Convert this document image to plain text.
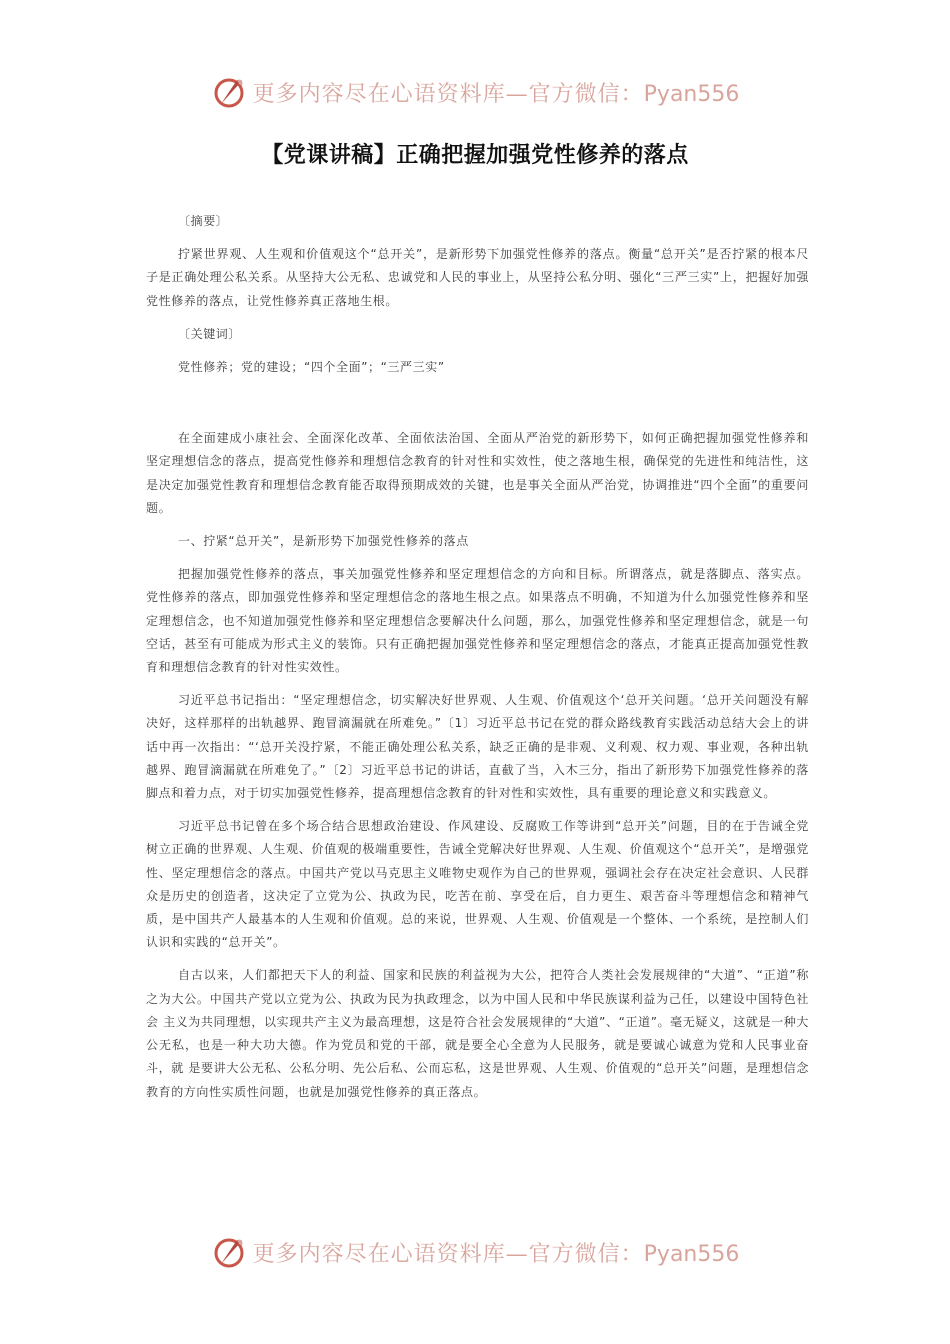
更多内容尽在心语资料库—官方微信：Pyan556
【党课讲稿】正确把握加强党性修养的落点

〔摘要〕

拧紧世界观、人生观和价值观这个“总开关”，是新形势下加强党性修养的落点。衡量“总开关”是否拧紧的根本尺子是正确处理公私关系。从坚持大公无私、忠诚党和人民的事业上，从坚持公私分明、强化“三严三实”上，把握好加强党性修养的落点，让党性修养真正落地生根。

〔关键词〕

党性修养；党的建设；“四个全面”；“三严三实”

在全面建成小康社会、全面深化改革、全面依法治国、全面从严治党的新形势下，如何正确把握加强党性修养和 坚定理想信念的落点，提高党性修养和理想信念教育的针对性和实效性，使之落地生根，确保党的先进性和纯洁性，这是决定加强党性教育和理想信念教育能否取得预期成效的关键，也是事关全面从严治党，协调推进“四个全面”的重要问题。

一、拧紧“总开关”，是新形势下加强党性修养的落点

把握加强党性修养的落点，事关加强党性修养和坚定理想信念的方向和目标。所谓落点，就是落脚点、落实点。 党性修养的落点，即加强党性修养和坚定理想信念的落地生根之点。如果落点不明确，不知道为什么加强党性修养和坚定理想信念，也不知道加强党性修养和坚定理想信念要解决什么问题，那么，加强党性修养和坚定理想信念，就是一句空话，甚至有可能成为形式主义的装饰。只有正确把握加强党性修养和坚定理想信念的落点，才能真正提高加强党性教育和理想信念教育的针对性实效性。

习近平总书记指出：“坚定理想信念，切实解决好世界观、人生观、价值观这个‘总开关问题。‘总开关问题没有解决好，这样那样的出轨越界、跑冒滴漏就在所难免。”〔1〕习近平总书记在党的群众路线教育实践活动总结大会上的讲话中再一次指出：“‘总开关没拧紧，不能正确处理公私关系，缺乏正确的是非观、义利观、权力观、事业观，各种出轨越界、跑冒滴漏就在所难免了。”〔2〕习近平总书记的讲话，直截了当，入木三分，指出了新形势下加强党性修养的落脚点和着力点，对于切实加强党性修养，提高理想信念教育的针对性和实效性，具有重要的理论意义和实践意义。

习近平总书记曾在多个场合结合思想政治建设、作风建设、反腐败工作等讲到“总开关”问题，目的在于告诫全党树立正确的世界观、人生观、价值观的极端重要性，告诫全党解决好世界观、人生观、价值观这个“总开关”，是增强党性、坚定理想信念的落点。中国共产党以马克思主义唯物史观作为自己的世界观，强调社会存在决定社会意识、人民群众是历史的创造者，这决定了立党为公、执政为民，吃苦在前、享受在后，自力更生、艰苦奋斗等理想信念和精神气质，是中国共产人最基本的人生观和价值观。总的来说，世界观、人生观、价值观是一个整体、一个系统，是控制人们认识和实践的“总开关”。

自古以来，人们都把天下人的利益、国家和民族的利益视为大公，把符合人类社会发展规律的“大道”、“正道”称之为大公。中国共产党以立党为公、执政为民为执政理念，以为中国人民和中华民族谋利益为己任，以建设中国特色社会 主义为共同理想，以实现共产主义为最高理想，这是符合社会发展规律的“大道”、“正道”。毫无疑义，这就是一种大公无私，也是一种大功大德。作为党员和党的干部，就是要全心全意为人民服务，就是要诚心诚意为党和人民事业奋斗，就 是要讲大公无私、公私分明、先公后私、公而忘私，这是世界观、人生观、价值观的“总开关”问题，是理想信念教育的方向性实质性问题，也就是加强党性修养的真正落点。

更多内容尽在心语资料库—官方微信：Pyan556
